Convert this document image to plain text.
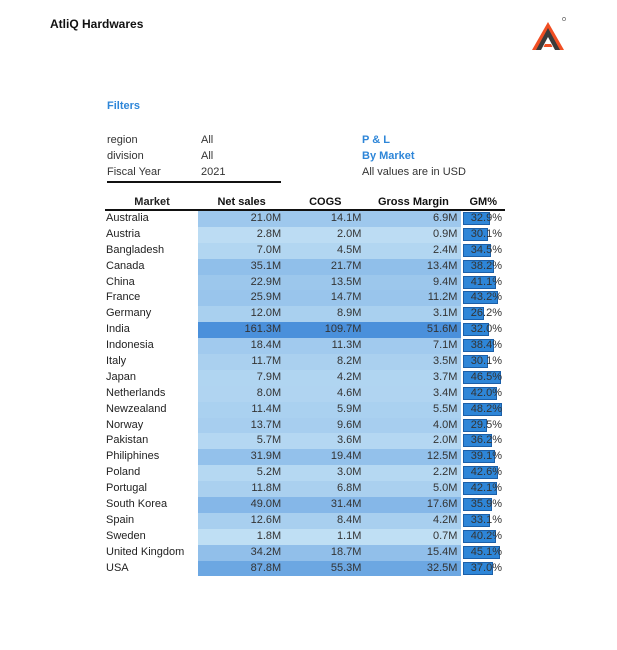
AtliQ Hardwares
Filters
region	All
division	All
Fiscal Year	2021
P & L
By Market
All values are in USD
Market	Net sales	COGS	Gross Margin	GM%
Australia	21.0M	14.1M	6.9M	32.9%
Austria	2.8M	2.0M	0.9M	30.1%
Bangladesh	7.0M	4.5M	2.4M	34.5%
Canada	35.1M	21.7M	13.4M	38.2%
China	22.9M	13.5M	9.4M	41.1%
France	25.9M	14.7M	11.2M	43.2%
Germany	12.0M	8.9M	3.1M	26.2%
India	161.3M	109.7M	51.6M	32.0%
Indonesia	18.4M	11.3M	7.1M	38.4%
Italy	11.7M	8.2M	3.5M	30.1%
Japan	7.9M	4.2M	3.7M	46.5%
Netherlands	8.0M	4.6M	3.4M	42.0%
Newzealand	11.4M	5.9M	5.5M	48.2%
Norway	13.7M	9.6M	4.0M	29.5%
Pakistan	5.7M	3.6M	2.0M	36.2%
Philiphines	31.9M	19.4M	12.5M	39.1%
Poland	5.2M	3.0M	2.2M	42.6%
Portugal	11.8M	6.8M	5.0M	42.1%
South Korea	49.0M	31.4M	17.6M	35.9%
Spain	12.6M	8.4M	4.2M	33.1%
Sweden	1.8M	1.1M	0.7M	40.2%
United Kingdom	34.2M	18.7M	15.4M	45.1%
USA	87.8M	55.3M	32.5M	37.0%
